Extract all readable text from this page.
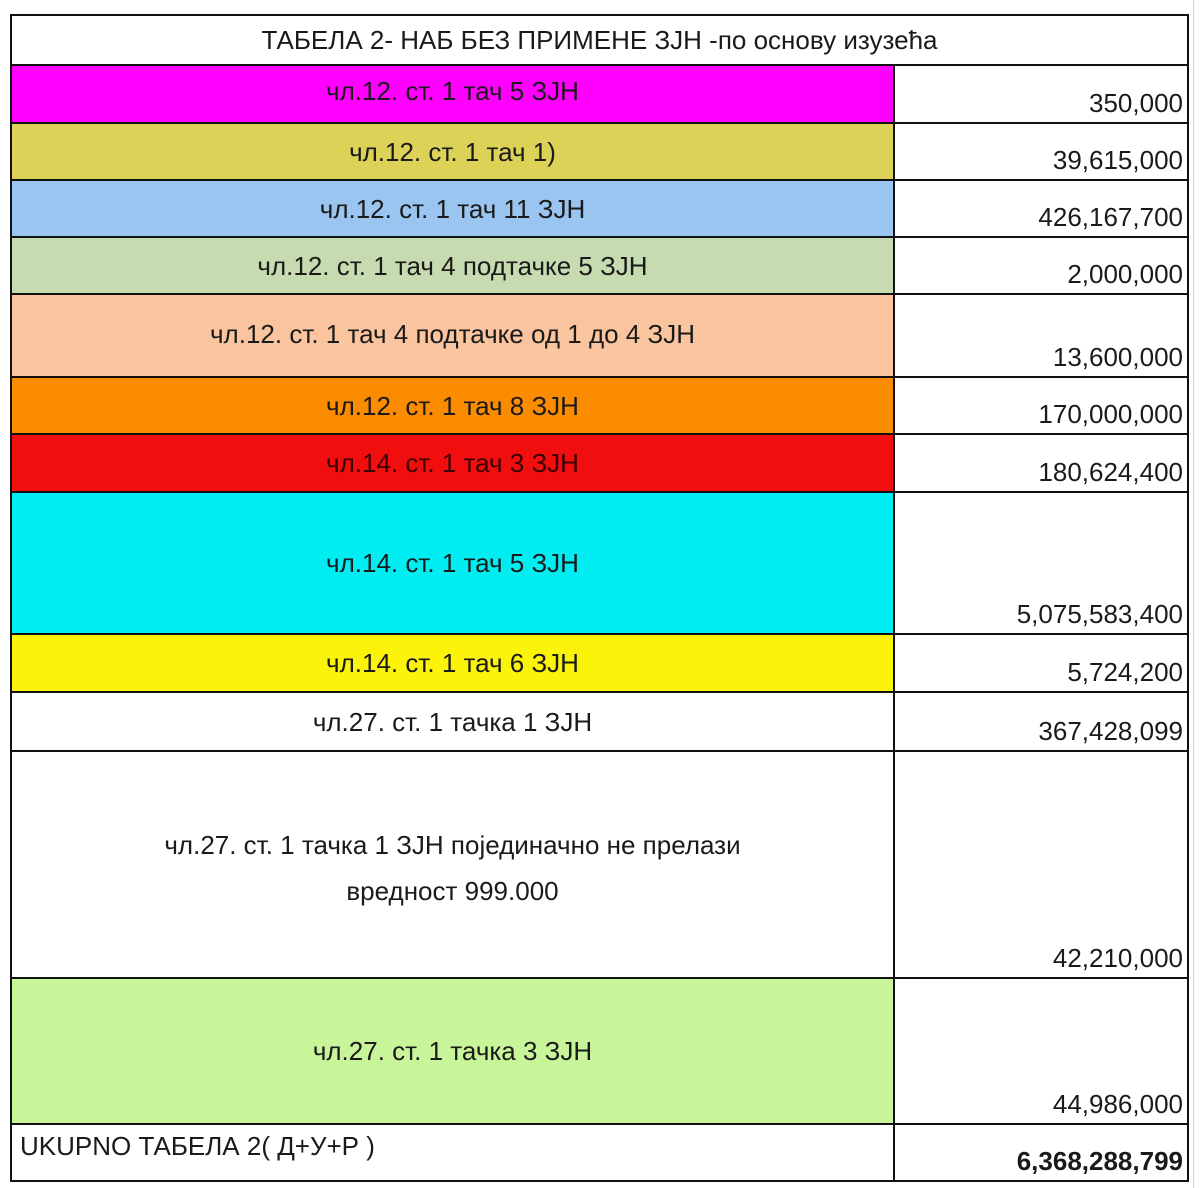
ТАБЕЛА 2- НАБ БЕЗ ПРИМЕНЕ ЗЈН -по основу изузећа	
чл.12. ст. 1 тач 5 ЗЈН	350,000
чл.12. ст. 1 тач 1)	39,615,000
чл.12. ст. 1 тач 11 ЗЈН	426,167,700
чл.12. ст. 1 тач 4 подтачке 5 ЗЈН	2,000,000
чл.12. ст. 1 тач 4 подтачке од 1 до 4 ЗЈН	13,600,000
чл.12. ст. 1 тач 8 ЗЈН	170,000,000
чл.14. ст. 1 тач 3 ЗЈН	180,624,400
чл.14. ст. 1 тач 5 ЗЈН	5,075,583,400
чл.14. ст. 1 тач 6 ЗЈН	5,724,200
чл.27. ст. 1 тачка 1 ЗЈН	367,428,099

чл.27. ст. 1 тачка 1 ЗЈН појединачно не прелази
вредност 999.000	42,210,000
чл.27. ст. 1 тачка 3 ЗЈН	44,986,000
UKUPNO ТАБЕЛА 2( Д+У+Р )	6,368,288,799
